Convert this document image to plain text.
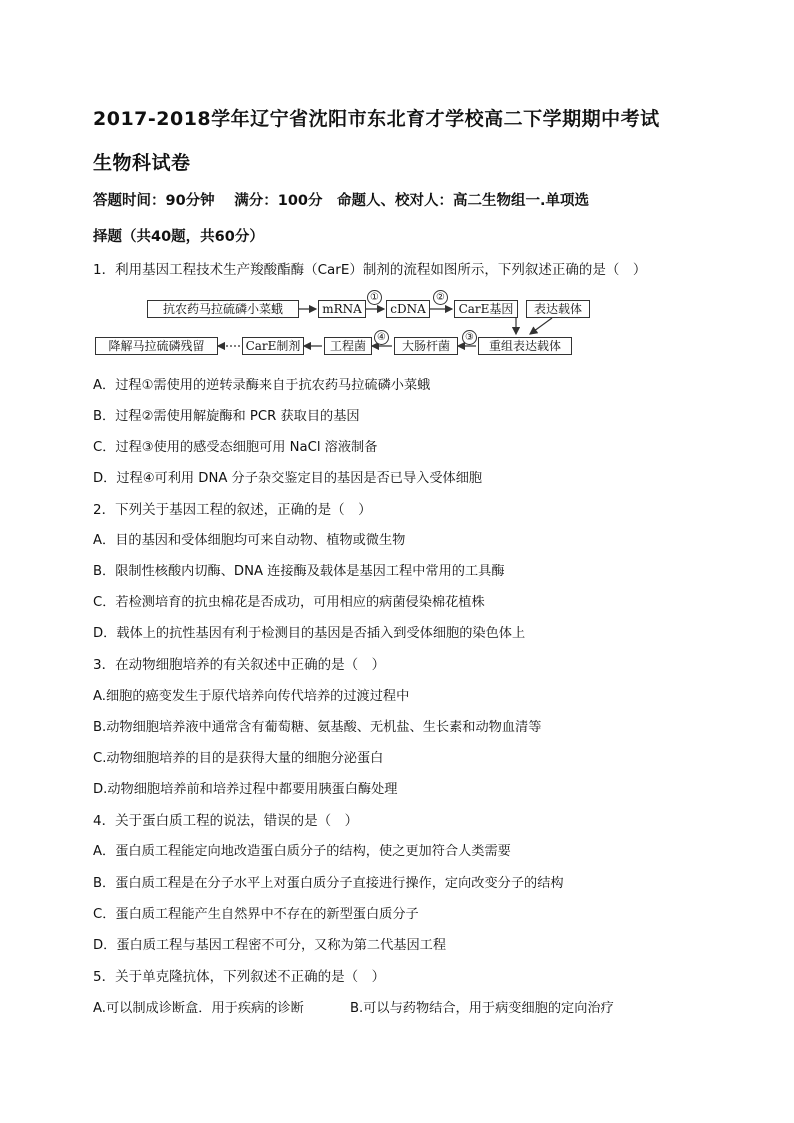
2017-2018学年辽宁省沈阳市东北育才学校高二下学期期中考试
生物科试卷
答题时间：90分钟　 满分：100分　命题人、校对人：高二生物组一.单项选
择题（共40题，共60分）
1．利用基因工程技术生产羧酸酯酶（CarE）制剂的流程如图所示，下列叙述正确的是（　）
抗农药马拉硫磷小菜蛾	mRNA	cDNA	CarE基因	表达载体
重组表达载体
大肠杆菌
工程菌
CarE制剂
降解马拉硫磷残留
①	②
③
④
A．过程①需使用的逆转录酶来自于抗农药马拉硫磷小菜蛾
B．过程②需使用解旋酶和 PCR 获取目的基因
C．过程③使用的感受态细胞可用 NaCl 溶液制备
D．过程④可利用 DNA 分子杂交鉴定目的基因是否已导入受体细胞
2．下列关于基因工程的叙述，正确的是（　）
A．目的基因和受体细胞均可来自动物、植物或微生物
B．限制性核酸内切酶、DNA 连接酶及载体是基因工程中常用的工具酶
C．若检测培育的抗虫棉花是否成功，可用相应的病菌侵染棉花植株
D．载体上的抗性基因有利于检测目的基因是否插入到受体细胞的染色体上
3．在动物细胞培养的有关叙述中正确的是（　）
A.细胞的癌变发生于原代培养向传代培养的过渡过程中
B.动物细胞培养液中通常含有葡萄糖、氨基酸、无机盐、生长素和动物血清等
C.动物细胞培养的目的是获得大量的细胞分泌蛋白
D.动物细胞培养前和培养过程中都要用胰蛋白酶处理
4．关于蛋白质工程的说法，错误的是（　）
A．蛋白质工程能定向地改造蛋白质分子的结构，使之更加符合人类需要
B．蛋白质工程是在分子水平上对蛋白质分子直接进行操作，定向改变分子的结构
C．蛋白质工程能产生自然界中不存在的新型蛋白质分子
D．蛋白质工程与基因工程密不可分，又称为第二代基因工程
5．关于单克隆抗体，下列叙述不正确的是（　）
A.可以制成诊断盒．用于疾病的诊断	B.可以与药物结合，用于病变细胞的定向治疗
